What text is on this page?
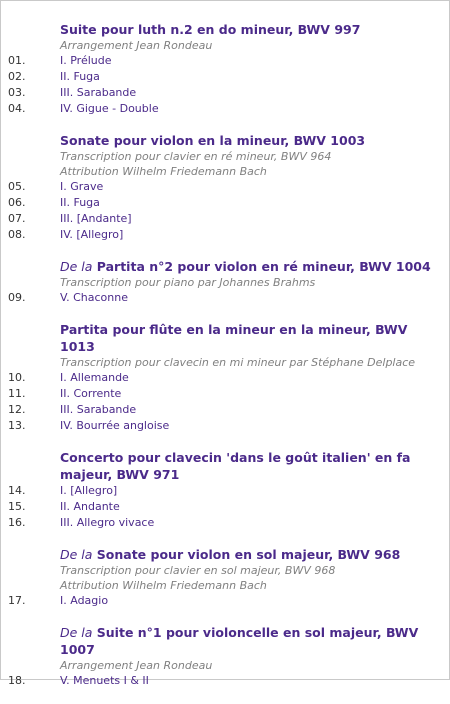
Suite pour luth n.2 en do mineur, BWV 997
Arrangement Jean Rondeau
01.	I. Prélude
02.	II. Fuga
03.	III. Sarabande
04.	IV. Gigue - Double
Sonate pour violon en la mineur, BWV 1003
Transcription pour clavier en ré mineur, BWV 964
Attribution Wilhelm Friedemann Bach
05.	I. Grave
06.	II. Fuga
07.	III. [Andante]
08.	IV. [Allegro]
De la Partita n°2 pour violon en ré mineur, BWV 1004
Transcription pour piano par Johannes Brahms
09.	V. Chaconne
Partita pour flûte en la mineur en la mineur, BWV 1013
Transcription pour clavecin en mi mineur par Stéphane Delplace
10.	I. Allemande
11.	II. Corrente
12.	III. Sarabande
13.	IV. Bourrée angloise
Concerto pour clavecin 'dans le goût italien' en fa majeur, BWV 971
14.	I. [Allegro]
15.	II. Andante
16.	III. Allegro vivace
De la Sonate pour violon en sol majeur, BWV 968
Transcription pour clavier en sol majeur, BWV 968
Attribution Wilhelm Friedemann Bach
17.	I. Adagio
De la Suite n°1 pour violoncelle en sol majeur, BWV 1007
Arrangement Jean Rondeau
18.	V. Menuets I & II
